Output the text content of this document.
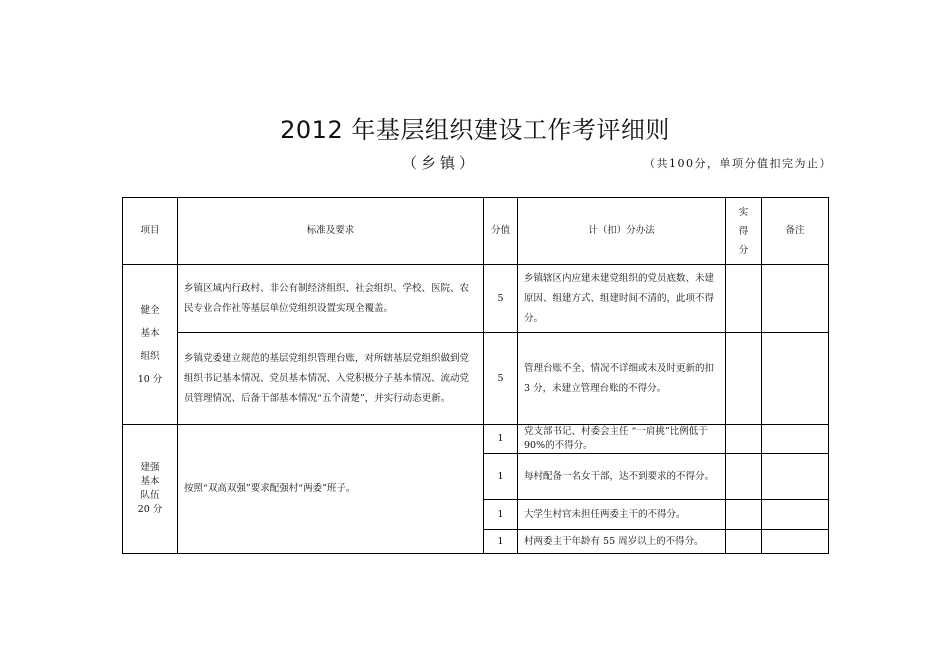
2012 年基层组织建设工作考评细则
（乡镇）	（共100分，单项分值扣完为止）
项目	标准及要求	分值	计（扣）分办法	实
得
分	备注

健全
基本
组织
10 分	乡镇区域内行政村、非公有制经济组织、社会组织、学校、医院、农民专业合作社等基层单位党组织设置实现全覆盖。	5	乡镇辖区内应建未建党组织的党员底数、未建原因、组建方式、组建时间不清的，此项不得分。		
	乡镇党委建立规范的基层党组织管理台账，对所辖基层党组织做到党组织书记基本情况、党员基本情况、入党积极分子基本情况、流动党员管理情况、后备干部基本情况“五个清楚”，并实行动态更新。	5	管理台账不全、情况不详细或未及时更新的扣 3 分，未建立管理台账的不得分。		

建强
基本
队伍
20 分	按照“双高双强”要求配强村“两委”班子。	1	党支部书记、村委会主任 “一肩挑”比例低于 90%的不得分。		
		1	每村配备一名女干部，达不到要求的不得分。		
		1	大学生村官未担任两委主干的不得分。		
		1	村两委主干年龄有 55 周岁以上的不得分。		
